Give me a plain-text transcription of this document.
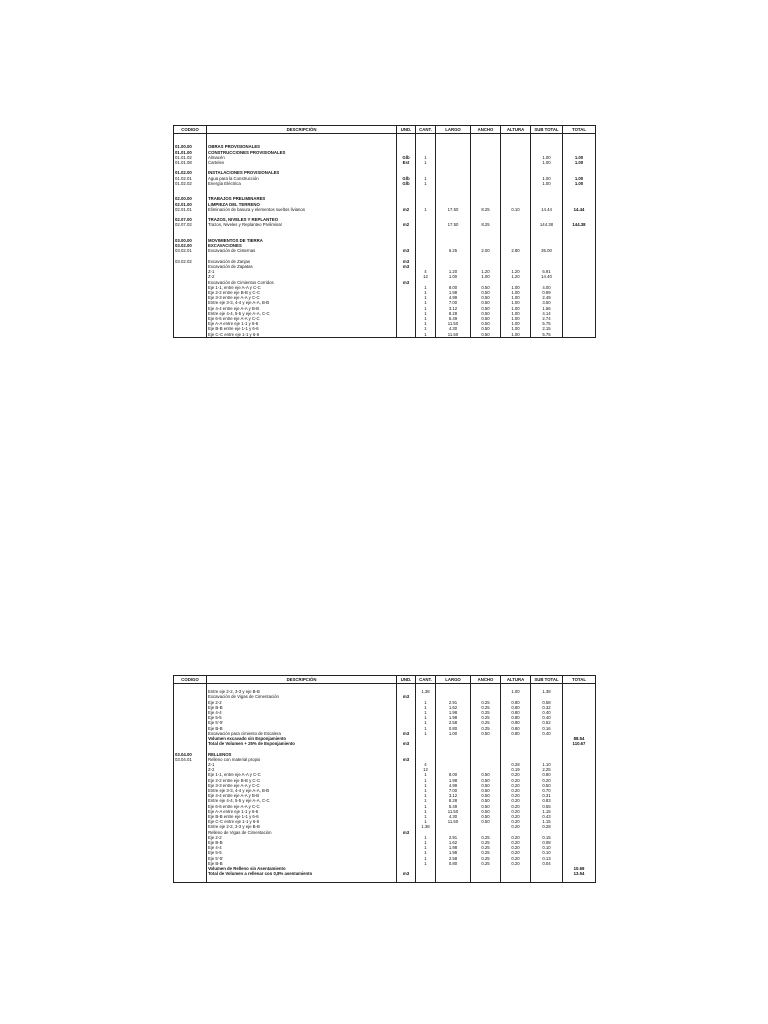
CODIGO	DESCRIPCIÓN	UND.	CANT.	LARGO	ANCHO	ALTURA	SUB TOTAL	TOTAL

01.00.00	OBRAS PROVISIONALES							
01.01.00	CONSTRUCCIONES PROVISIONALES							
01.01.02	Almacén	Glb	1				1.00	1.00
01.01.08	Carteles	Est	1				1.00	1.00

01.02.00	INSTALACIONES PROVISIONALES							
01.02.01	Agua para la Construcción	Glb	1				1.00	1.00
01.02.02	Energía Eléctrica	Glb	1				1.00	1.00

02.00.00	TRABAJOS PRELIMINARES							
02.01.00	LIMPIEZA DEL TERRENO							
02.01.01	Eliminación de basura y elementos sueltos livianos	m2	1	17.50	8.25	0.10	14.44	14.44

02.07.00	TRAZOS, NIVELES Y REPLANTEO							
02.07.02	Trazos, Niveles y Replanteo Preliminar	m2		17.50	8.25		144.38	144.38

03.00.00	MOVIMIENTOS DE TIERRA							
03.02.00	EXCAVACIONES							
03.02.01	Excavación de Cisternas	m3		6.25	2.00	2.80	35.00	

03.02.02	Excavación de Zanjas	m3						
	Excavación de Zapatas	m3						
	Z-1		4	1.20	1.20	1.20	6.91	
	Z-2		12	1.00	1.00	1.20	14.40	
	Excavación de Cimientos Corridos	m3						
	Eje 1-1, entre eje A-A y C-C		1	8.00	0.50	1.00	4.00	
	Eje 2-2 entre eje B-B y C-C		1	1.98	0.50	1.00	0.99	
	Eje 3-3 entre eje A-A y C-C		1	4.99	0.50	1.00	2.49	
	Entre eje 3-3, 4-4 y eje A-A, B-B		1	7.00	0.50	1.00	3.50	
	Eje 4-4 entre eje A-A y B-B		1	3.12	0.50	1.00	1.56	
	Entre eje 4-4, 5-5 y eje A-A, C-C		1	8.28	0.50	1.00	4.14	
	Eje 6-6 entre eje A-A y C-C		1	5.49	0.50	1.00	2.74	
	Eje A-A entre eje 1-1 y 6-6		1	11.50	0.50	1.00	5.75	
	Eje B-B entre eje 1-1 y 6-6		1	4.30	0.50	1.00	2.15	
	Eje C-C entre eje 1-1 y 6-6		1	11.50	0.50	1.00	5.75	
CODIGO	DESCRIPCIÓN	UND.	CANT.	LARGO	ANCHO	ALTURA	SUB TOTAL	TOTAL

	Entre eje 2-2, 3-3 y eje B-B		1.38			1.00	1.38	
	Excavación de Vigas de Cimentación	m3						
	Eje 2-2		1	2.91	0.25	0.80	0.58	
	Eje B-B		1	1.62	0.25	0.80	0.32	
	Eje 4-4		1	1.98	0.25	0.80	0.40	
	Eje 5-5		1	1.98	0.25	0.80	0.40	
	Eje 5'-5'		1	2.58	0.25	0.80	0.52	
	Eje B-B		1	0.80	0.25	0.80	0.16	
	Excavación para cimiento de Escalera	m3	1	1.00	0.50	0.80	0.40	
	Volumen excavado sin Esponjamiento							88.54
	Total de Volumen + 25% de Esponjamiento	m3						110.67

03.04.00	RELLENOS							
03.04.01	Relleno con material propio	m3						
	Z-1		4			0.28	1.10	
	Z-2		12			0.19	2.25	
	Eje 1-1, entre eje A-A y C-C		1	8.00	0.50	0.20	0.80	
	Eje 2-2 entre eje B-B y C-C		1	1.98	0.50	0.20	0.20	
	Eje 3-3 entre eje A-A y C-C		1	4.99	0.50	0.20	0.50	
	Entre eje 3-3, 4-4 y eje A-A, B-B		1	7.00	0.50	0.20	0.70	
	Eje 4-4 entre eje A-A y B-B		1	3.12	0.50	0.20	0.31	
	Entre eje 4-4, 5-5 y eje A-A, C-C		1	8.28	0.50	0.20	0.83	
	Eje 6-6 entre eje A-A y C-C		1	5.49	0.50	0.20	0.55	
	Eje A-A entre eje 1-1 y 6-6		1	11.50	0.50	0.20	1.15	
	Eje B-B entre eje 1-1 y 6-6		1	4.30	0.50	0.20	0.43	
	Eje C-C entre eje 1-1 y 6-6		1	11.50	0.50	0.20	1.15	
	Entre eje 2-2, 3-3 y eje B-B		1.38			0.20	0.28	
	Relleno de Vigas de Cimentación	m3						
	Eje 2-2		1	2.91	0.25	0.20	0.15	
	Eje B-B		1	1.62	0.25	0.20	0.08	
	Eje 4-4		1	1.98	0.25	0.20	0.10	
	Eje 5-5		1	1.98	0.25	0.20	0.10	
	Eje 5'-5'		1	2.58	0.25	0.20	0.13	
	Eje B-B		1	0.80	0.25	0.20	0.04	
	Volumen de Relleno sin Asentamiento							10.69
	Total de Volumen a rellenar con 0,8% asentamiento	m3						13.54
